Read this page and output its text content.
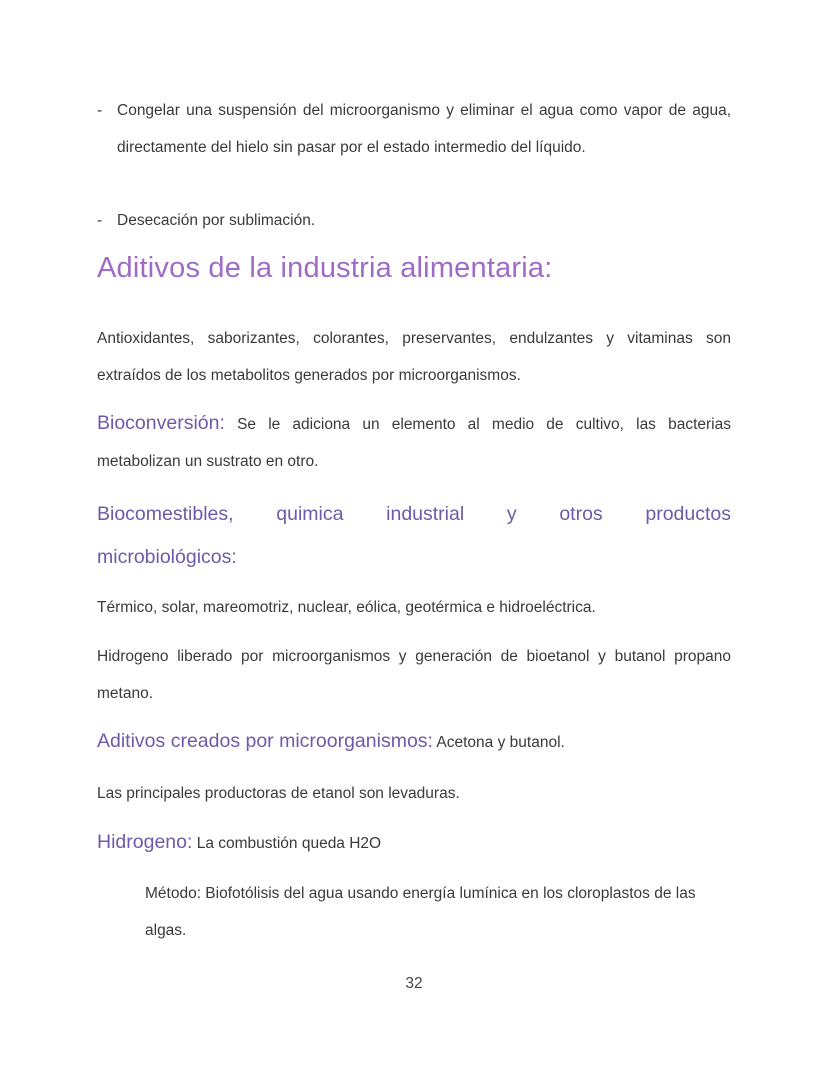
- Congelar una suspensión del microorganismo y eliminar el agua como vapor de agua, directamente del hielo sin pasar por el estado intermedio del líquido.
- Desecación por sublimación.
Aditivos de la industria alimentaria:

Antioxidantes, saborizantes, colorantes, preservantes, endulzantes y vitaminas son extraídos de los metabolitos generados por microorganismos.

Bioconversión: Se le adiciona un elemento al medio de cultivo, las bacterias metabolizan un sustrato en otro.

Biocomestibles, quimica industrial y otros productos
microbiológicos:

Térmico, solar, mareomotriz, nuclear, eólica, geotérmica e hidroeléctrica.

Hidrogeno liberado por microorganismos y generación de bioetanol y butanol propano metano.

Aditivos creados por microorganismos: Acetona y butanol.

Las principales productoras de etanol son levaduras.

Hidrogeno: La combustión queda H2O

Método: Biofotólisis del agua usando energía lumínica en los cloroplastos de las algas.

32
